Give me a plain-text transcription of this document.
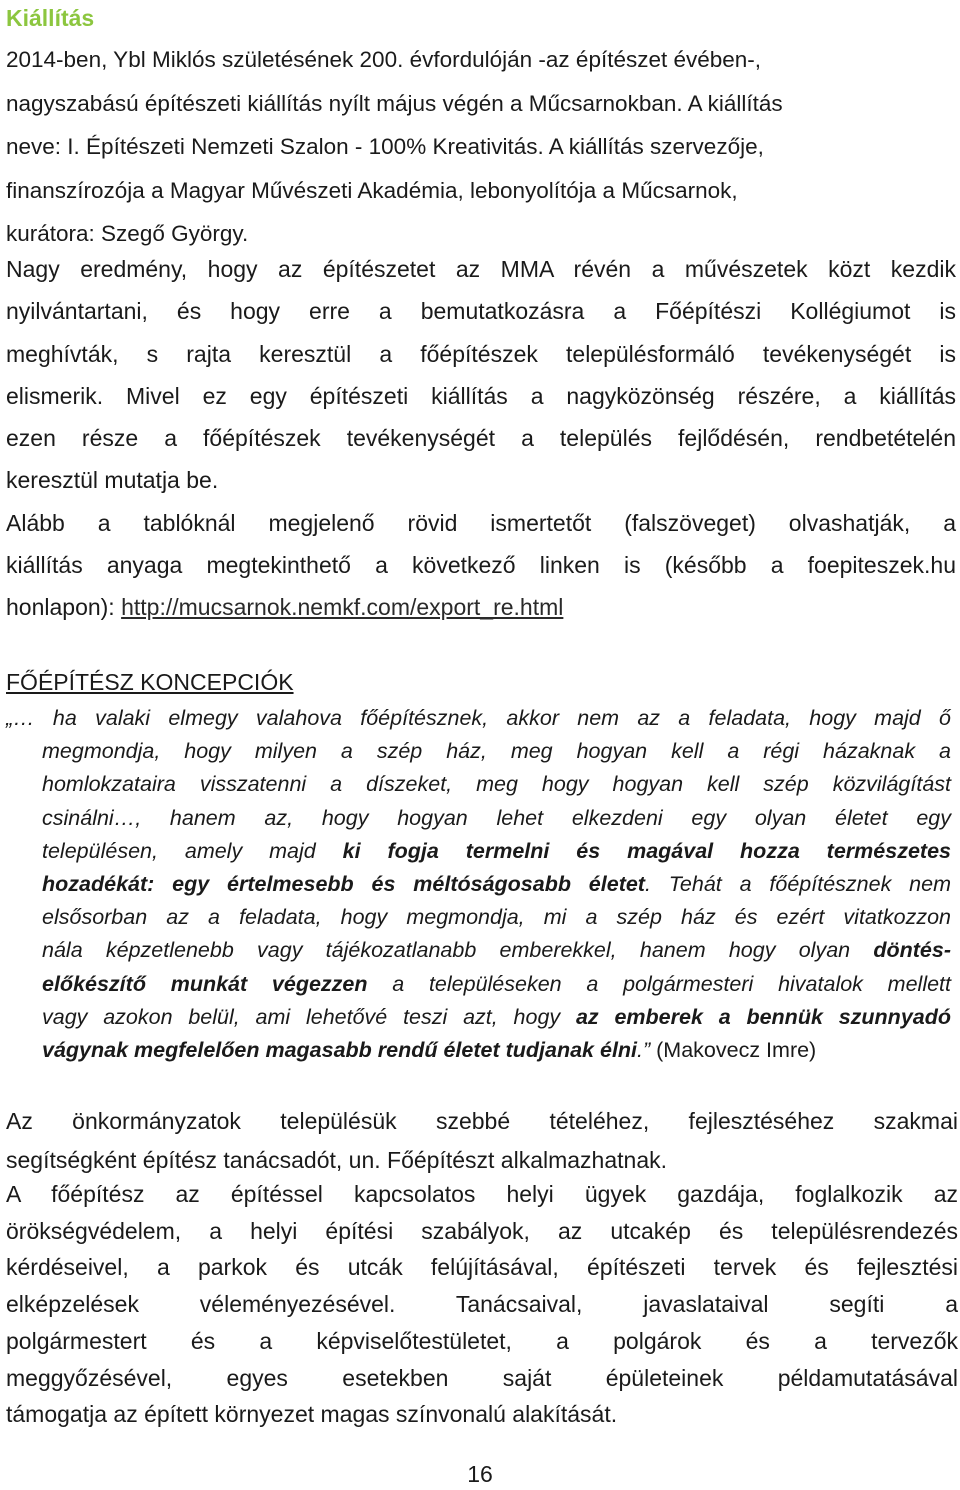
Kiállítás

2014-ben, Ybl Miklós születésének 200. évfordulóján -az építészet évében-,
nagyszabású építészeti kiállítás nyílt május végén a Műcsarnokban. A kiállítás
neve: I. Építészeti Nemzeti Szalon - 100% Kreativitás. A kiállítás szervezője,
finanszírozója a Magyar Művészeti Akadémia, lebonyolítója a Műcsarnok,
kurátora: Szegő György.

Nagy eredmény, hogy az építészetet az MMA révén a művészetek közt kezdik
nyilvántartani, és hogy erre a bemutatkozásra a Főépítészi Kollégiumot is
meghívták, s rajta keresztül a főépítészek településformáló tevékenységét is
elismerik. Mivel ez egy építészeti kiállítás a nagyközönség részére, a kiállítás
ezen része a főépítészek tevékenységét a település fejlődésén, rendbetételén
keresztül mutatja be.
Alább a tablóknál megjelenő rövid ismertetőt (falszöveget) olvashatják, a
kiállítás anyaga megtekinthető a következő linken is (később a foepiteszek.hu
honlapon): http://mucsarnok.nemkf.com/export_re.html

FŐÉPÍTÉSZ KONCEPCIÓK

„… ha valaki elmegy valahova főépítésznek, akkor nem az a feladata, hogy majd ő
megmondja, hogy milyen a szép ház, meg hogyan kell a régi házaknak a
homlokzataira visszatenni a díszeket, meg hogy hogyan kell szép közvilágítást
csinálni…, hanem az, hogy hogyan lehet elkezdeni egy olyan életet egy
településen, amely majd ki fogja termelni és magával hozza természetes
hozadékát: egy értelmesebb és méltóságosabb életet. Tehát a főépítésznek nem
elsősorban az a feladata, hogy megmondja, mi a szép ház és ezért vitatkozzon
nála képzetlenebb vagy tájékozatlanabb emberekkel, hanem hogy olyan döntés-
előkészítő munkát végezzen a településeken a polgármesteri hivatalok mellett
vagy azokon belül, ami lehetővé teszi azt, hogy az emberek a bennük szunnyadó
vágynak megfelelően magasabb rendű életet tudjanak élni.” (Makovecz Imre)

Az önkormányzatok településük szebbé tételéhez, fejlesztéséhez szakmai
segítségként építész tanácsadót, un. Főépítészt alkalmazhatnak.

A főépítész az építéssel kapcsolatos helyi ügyek gazdája, foglalkozik az
örökségvédelem, a helyi építési szabályok, az utcakép és településrendezés
kérdéseivel, a parkok és utcák felújításával, építészeti tervek és fejlesztési
elképzelések véleményezésével. Tanácsaival, javaslataival segíti a
polgármestert és a képviselőtestületet, a polgárok és a tervezők
meggyőzésével, egyes esetekben saját épületeinek példamutatásával
támogatja az épített környezet magas színvonalú alakítását.

16
